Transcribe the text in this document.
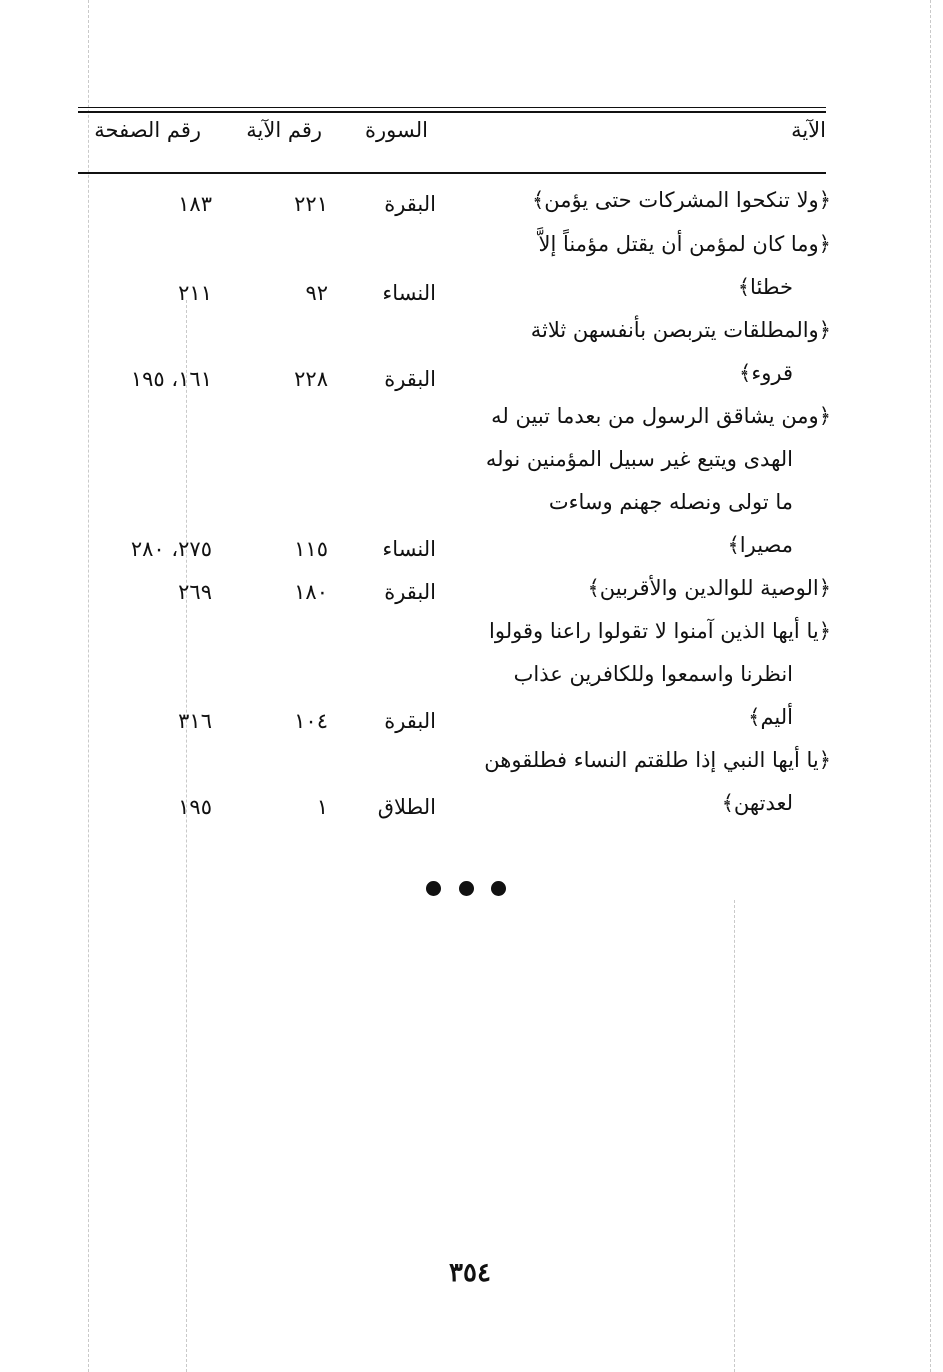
الآية
السورة
رقم الآية
رقم الصفحة
﴿ولا تنكحوا المشركات حتى يؤمن﴾
البقرة
٢٢١
١٨٣
﴿وما كان لمؤمن أن يقتل مؤمناً إلاَّ
خطئا﴾
النساء
٩٢
٢١١
﴿والمطلقات يتربصن بأنفسهن ثلاثة
قروء﴾
البقرة
٢٢٨
١٦١، ١٩٥
﴿ومن يشاقق الرسول من بعدما تبين له
الهدى ويتبع غير سبيل المؤمنين نوله
ما تولى ونصله جهنم وساءت
مصيرا﴾
النساء
١١٥
٢٧٥، ٢٨٠
﴿الوصية للوالدين والأقربين﴾
البقرة
١٨٠
٢٦٩
﴿يا أيها الذين آمنوا لا تقولوا راعنا وقولوا
انظرنا واسمعوا وللكافرين عذاب
أليم﴾
البقرة
١٠٤
٣١٦
﴿يا أيها النبي إذا طلقتم النساء فطلقوهن
لعدتهن﴾
الطلاق
١
١٩٥
٣٥٤
